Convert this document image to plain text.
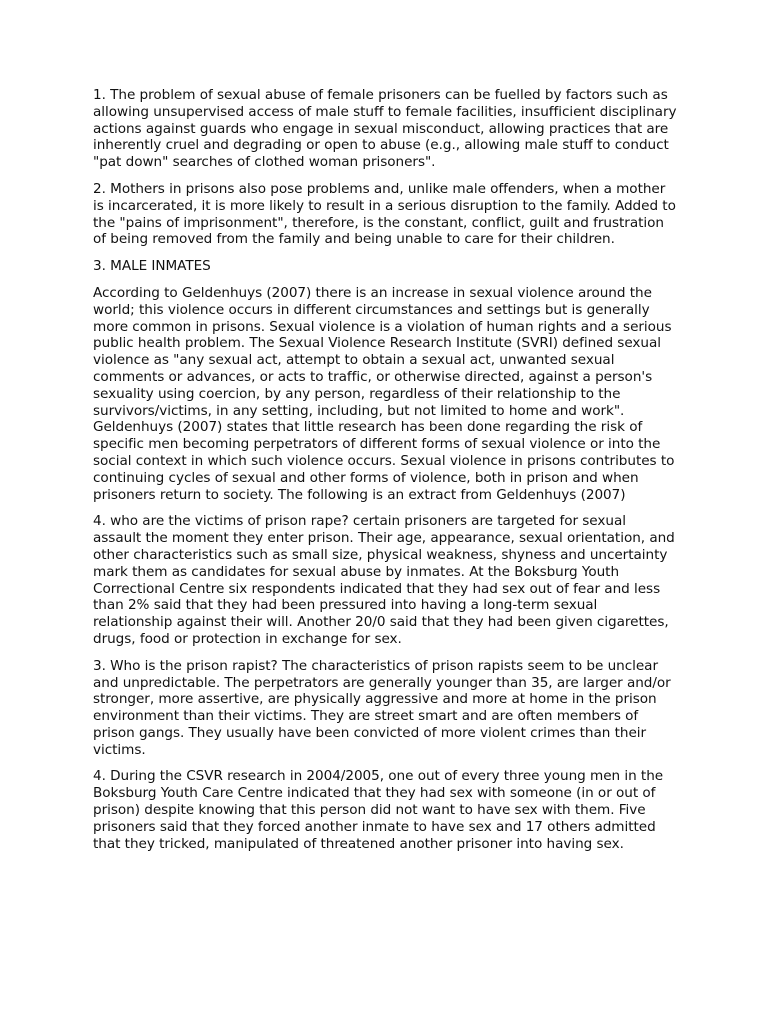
1. The problem of sexual abuse of female prisoners can be fuelled by factors such as allowing unsupervised access of male stuff to female facilities, insufficient disciplinary actions against guards who engage in sexual misconduct, allowing practices that are inherently cruel and degrading or open to abuse (e.g., allowing male stuff to conduct "pat down" searches of clothed woman prisoners".

2. Mothers in prisons also pose problems and, unlike male offenders, when a mother is incarcerated, it is more likely to result in a serious disruption to the family. Added to the "pains of imprisonment", therefore, is the constant, conflict, guilt and frustration of being removed from the family and being unable to care for their children.

3. MALE INMATES

According to Geldenhuys (2007) there is an increase in sexual violence around the world; this violence occurs in different circumstances and settings but is generally more common in prisons. Sexual violence is a violation of human rights and a serious public health problem. The Sexual Violence Research Institute (SVRI) defined sexual violence as "any sexual act, attempt to obtain a sexual act, unwanted sexual comments or advances, or acts to traffic, or otherwise directed, against a person's sexuality using coercion, by any person, regardless of their relationship to the survivors/victims, in any setting, including, but not limited to home and work". Geldenhuys (2007) states that little research has been done regarding the risk of specific men becoming perpetrators of different forms of sexual violence or into the social context in which such violence occurs. Sexual violence in prisons contributes to continuing cycles of sexual and other forms of violence, both in prison and when prisoners return to society. The following is an extract from Geldenhuys (2007)

4. who are the victims of prison rape? certain prisoners are targeted for sexual assault the moment they enter prison. Their age, appearance, sexual orientation, and other characteristics such as small size, physical weakness, shyness and uncertainty mark them as candidates for sexual abuse by inmates. At the Boksburg Youth Correctional Centre six respondents indicated that they had sex out of fear and less than 2% said that they had been pressured into having a long-term sexual relationship against their will. Another 20/0 said that they had been given cigarettes, drugs, food or protection in exchange for sex.

3. Who is the prison rapist? The characteristics of prison rapists seem to be unclear and unpredictable. The perpetrators are generally younger than 35, are larger and/or stronger, more assertive, are physically aggressive and more at home in the prison environment than their victims. They are street smart and are often members of prison gangs. They usually have been convicted of more violent crimes than their victims.

4. During the CSVR research in 2004/2005, one out of every three young men in the Boksburg Youth Care Centre indicated that they had sex with someone (in or out of prison) despite knowing that this person did not want to have sex with them. Five prisoners said that they forced another inmate to have sex and 17 others admitted that they tricked, manipulated of threatened another prisoner into having sex.
